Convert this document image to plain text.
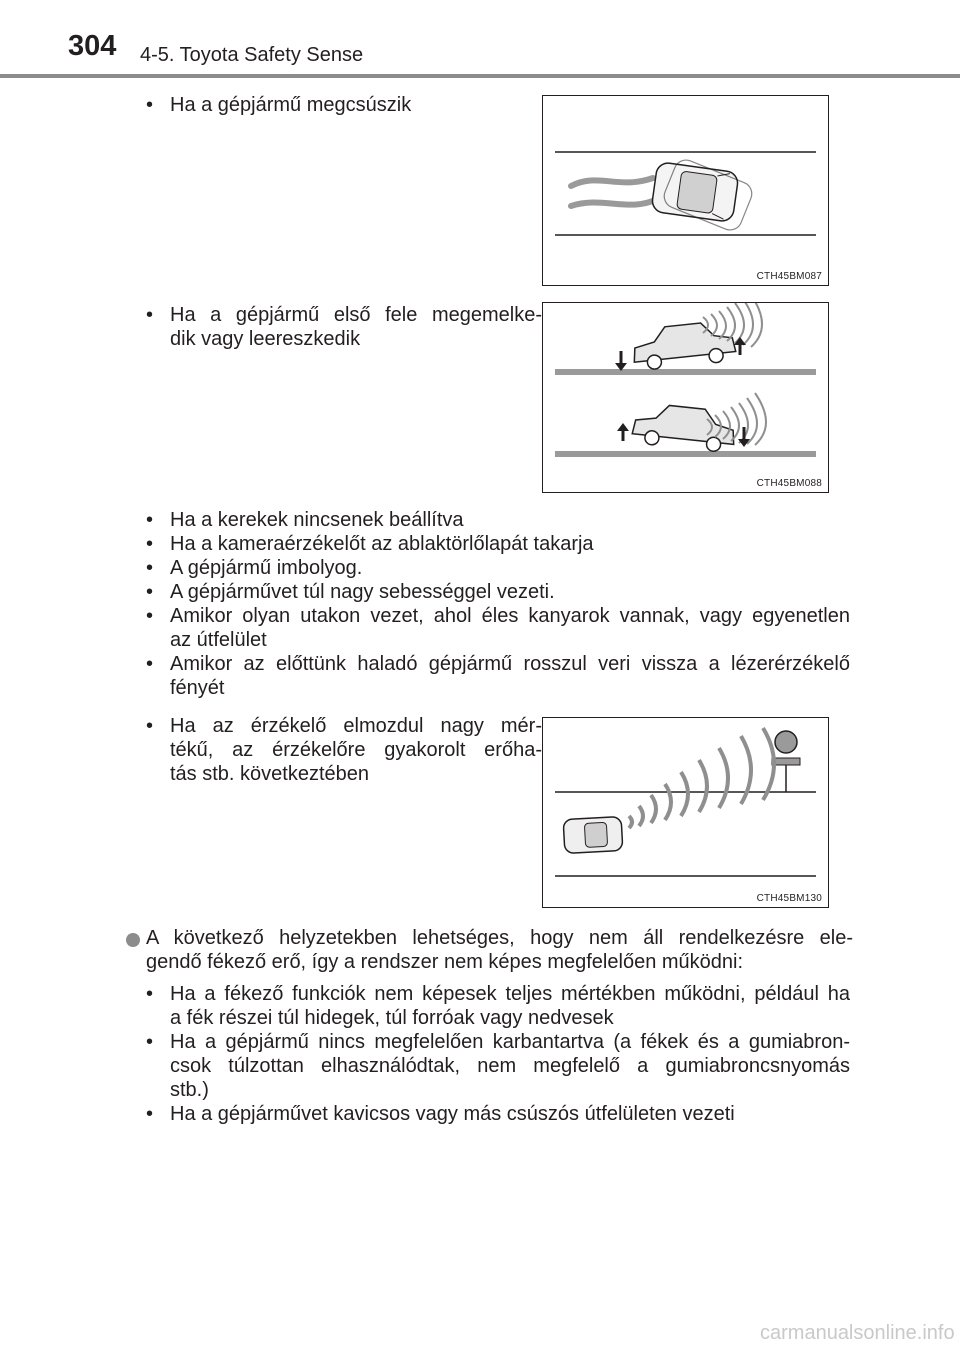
304 4-5. Toyota Safety Sense
• Ha a gépjármű megcsúszik
CTH45BM087
• Ha a gépjármű első fele megemelke-
dik vagy leereszkedik
CTH45BM088
• Ha a kerekek nincsenek beállítva
• Ha a kameraérzékelőt az ablaktörlőlapát takarja
• A gépjármű imbolyog.
• A gépjárművet túl nagy sebességgel vezeti.
• Amikor olyan utakon vezet, ahol éles kanyarok vannak, vagy egyenetlen
az útfelület
• Amikor az előttünk haladó gépjármű rosszul veri vissza a lézerérzékelő
fényét
• Ha az érzékelő elmozdul nagy mér-
tékű, az érzékelőre gyakorolt erőha-
tás stb. következtében
CTH45BM130
A következő helyzetekben lehetséges, hogy nem áll rendelkezésre ele-
gendő fékező erő, így a rendszer nem képes megfelelően működni:
• Ha a fékező funkciók nem képesek teljes mértékben működni, például ha
a fék részei túl hidegek, túl forróak vagy nedvesek
• Ha a gépjármű nincs megfelelően karbantartva (a fékek és a gumiabron-
csok túlzottan elhasználódtak, nem megfelelő a gumiabroncsnyomás
stb.)
• Ha a gépjárművet kavicsos vagy más csúszós útfelületen vezeti
carmanualsonline.info
